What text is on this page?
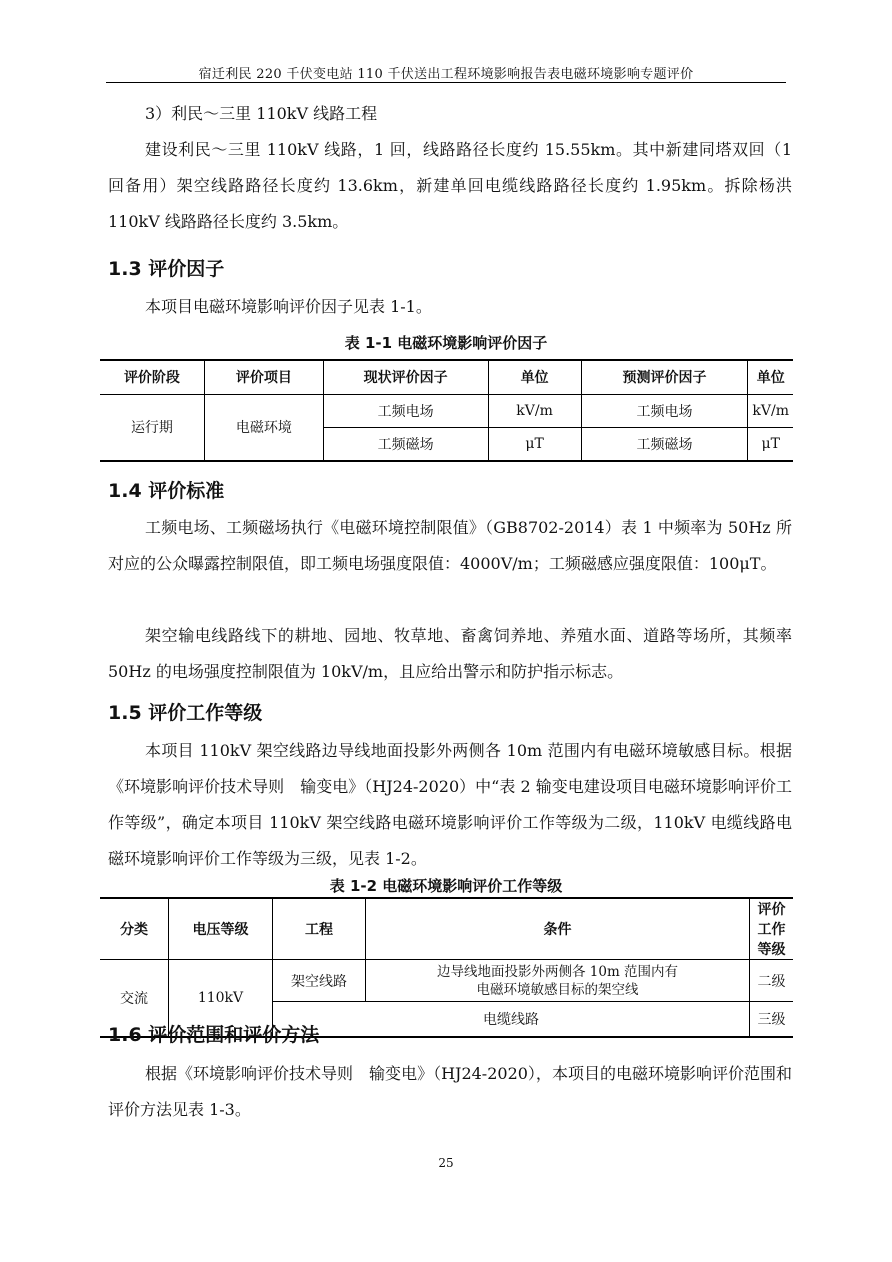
宿迁利民 220 千伏变电站 110 千伏送出工程环境影响报告表电磁环境影响专题评价

3）利民～三里 110kV 线路工程

建设利民～三里 110kV 线路，1 回，线路路径长度约 15.55km。其中新建同塔双回（1 回备用）架空线路路径长度约 13.6km，新建单回电缆线路路径长度约 1.95km。拆除杨洪 110kV 线路路径长度约 3.5km。

1.3 评价因子

本项目电磁环境影响评价因子见表 1-1。

表 1-1 电磁环境影响评价因子
评价阶段	评价项目	现状评价因子	单位	预测评价因子	单位
运行期	电磁环境	工频电场	kV/m	工频电场	kV/m
		工频磁场	μT	工频磁场	μT
1.4 评价标准

工频电场、工频磁场执行《电磁环境控制限值》（GB8702-2014）表 1 中频率为 50Hz 所对应的公众曝露控制限值，即工频电场强度限值：4000V/m；工频磁感应强度限值：100μT。

架空输电线路线下的耕地、园地、牧草地、畜禽饲养地、养殖水面、道路等场所，其频率 50Hz 的电场强度控制限值为 10kV/m，且应给出警示和防护指示标志。

1.5 评价工作等级

本项目 110kV 架空线路边导线地面投影外两侧各 10m 范围内有电磁环境敏感目标。根据《环境影响评价技术导则　输变电》（HJ24-2020）中“表 2 输变电建设项目电磁环境影响评价工作等级”，确定本项目 110kV 架空线路电磁环境影响评价工作等级为二级，110kV 电缆线路电磁环境影响评价工作等级为三级，见表 1-2。

表 1-2 电磁环境影响评价工作等级
分类	电压等级	工程	条件	评价工作等级
交流	110kV	架空线路	边导线地面投影外两侧各 10m 范围内有
电磁环境敏感目标的架空线	二级
		电缆线路		三级
1.6 评价范围和评价方法

根据《环境影响评价技术导则　输变电》（HJ24-2020），本项目的电磁环境影响评价范围和评价方法见表 1-3。

25
